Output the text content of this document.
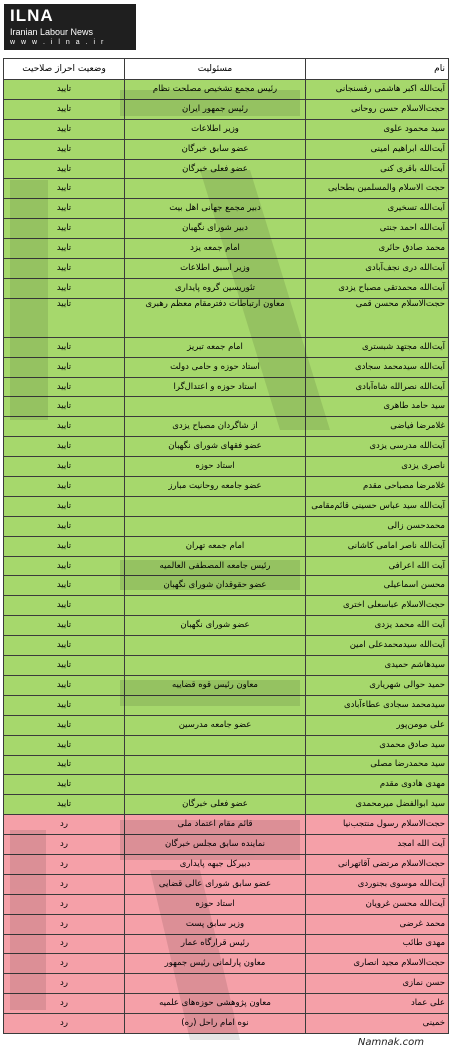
ILNA
Iranian Labour News
w w w . i l n a . i r
نام	مسئولیت	وضعیت احراز صلاحیت
آیت‌الله اکبر هاشمی رفسنجانی	رئیس مجمع تشخیص مصلحت نظام	تایید
حجت‌الاسلام حسن روحانی	رئیس جمهور ایران	تایید
سید محمود علوی	وزیر اطلاعات	تایید
آیت‌الله ابراهیم امینی	عضو سابق خبرگان	تایید
آیت‌الله باقری کنی	عضو فعلی خبرگان	تایید
حجت الاسلام والمسلمین بطحایی		تایید
آیت‌الله تسخیری	دبیر مجمع جهانی اهل بیت	تایید
آیت‌الله احمد جنتی	دبیر شورای نگهبان	تایید
محمد صادق حائری	امام جمعه یزد	تایید
آیت‌الله دری نجف‌آبادی	وزیر اسبق اطلاعات	تایید
آیت‌الله محمدتقی مصباح یزدی	تئوریسین گروه پایداری	تایید
حجت‌الاسلام محسن قمی	معاون ارتباطات دفترمقام معظم رهبری	تایید
آیت‌الله مجتهد شبستری	امام جمعه تبریز	تایید
آیت‌الله سیدمحمد سجادی	استاد حوزه و حامی دولت	تایید
آیت‌الله نصرالله شاه‌آبادی	استاد حوزه و اعتدال‌گرا	تایید
سید حامد طاهری		تایید
غلامرضا فیاضی	از شاگردان مصباح یزدی	تایید
آیت‌الله مدرسی یزدی	عضو فقهای شورای نگهبان	تایید
ناصری یزدی	استاد حوزه	تایید
غلامرضا مصباحی مقدم	عضو جامعه روحانیت مبارز	تایید
آیت‌الله سید عباس حسینی قائم‌مقامی		تایید
محمدحسن زالی		تایید
آیت‌الله ناصر امامی کاشانی	امام جمعه تهران	تایید
آیت الله اعرافی	رئیس جامعه المصطفی العالمیه	تایید
محسن اسماعیلی	عضو حقوقدان شورای نگهبان	تایید
حجت‌الاسلام عباسعلی اختری		تایید
آیت الله محمد یزدی	عضو شورای نگهبان	تایید
آیت‌الله سیدمحمدعلی امین		تایید
سیدهاشم حمیدی		تایید
حمید حوالی شهریاری	معاون رئیس قوه قضاییه	تایید
سیدمحمد سجادی عطاءآبادی		تایید
علی مومن‌پور	عضو جامعه مدرسین	تایید
سید صادق محمدی		تایید
سید محمدرضا مصلی		تایید
مهدی هادوی مقدم		تایید
سید ابوالفضل میرمحمدی	عضو فعلی خبرگان	تایید
حجت‌الاسلام رسول منتجب‌نیا	قائم مقام اعتماد ملی	رد
آیت الله امجد	نماینده سابق مجلس خبرگان	رد
حجت‌الاسلام مرتضی آقاتهرانی	دبیرکل جبهه پایداری	رد
آیت‌الله موسوی بجنوردی	عضو سابق شورای عالی قضایی	رد
آیت‌الله محسن غرویان	استاد حوزه	رد
محمد غرضی	وزیر سابق پست	رد
مهدی طائب	رئیس قرارگاه عمار	رد
حجت‌الاسلام مجید انصاری	معاون پارلمانی رئیس جمهور	رد
حسن نمازی		رد
علی عماد	معاون پژوهشی حوزه‌های علمیه	رد
خمینی	نوه امام راحل (ره)	رد
Namnak.com
